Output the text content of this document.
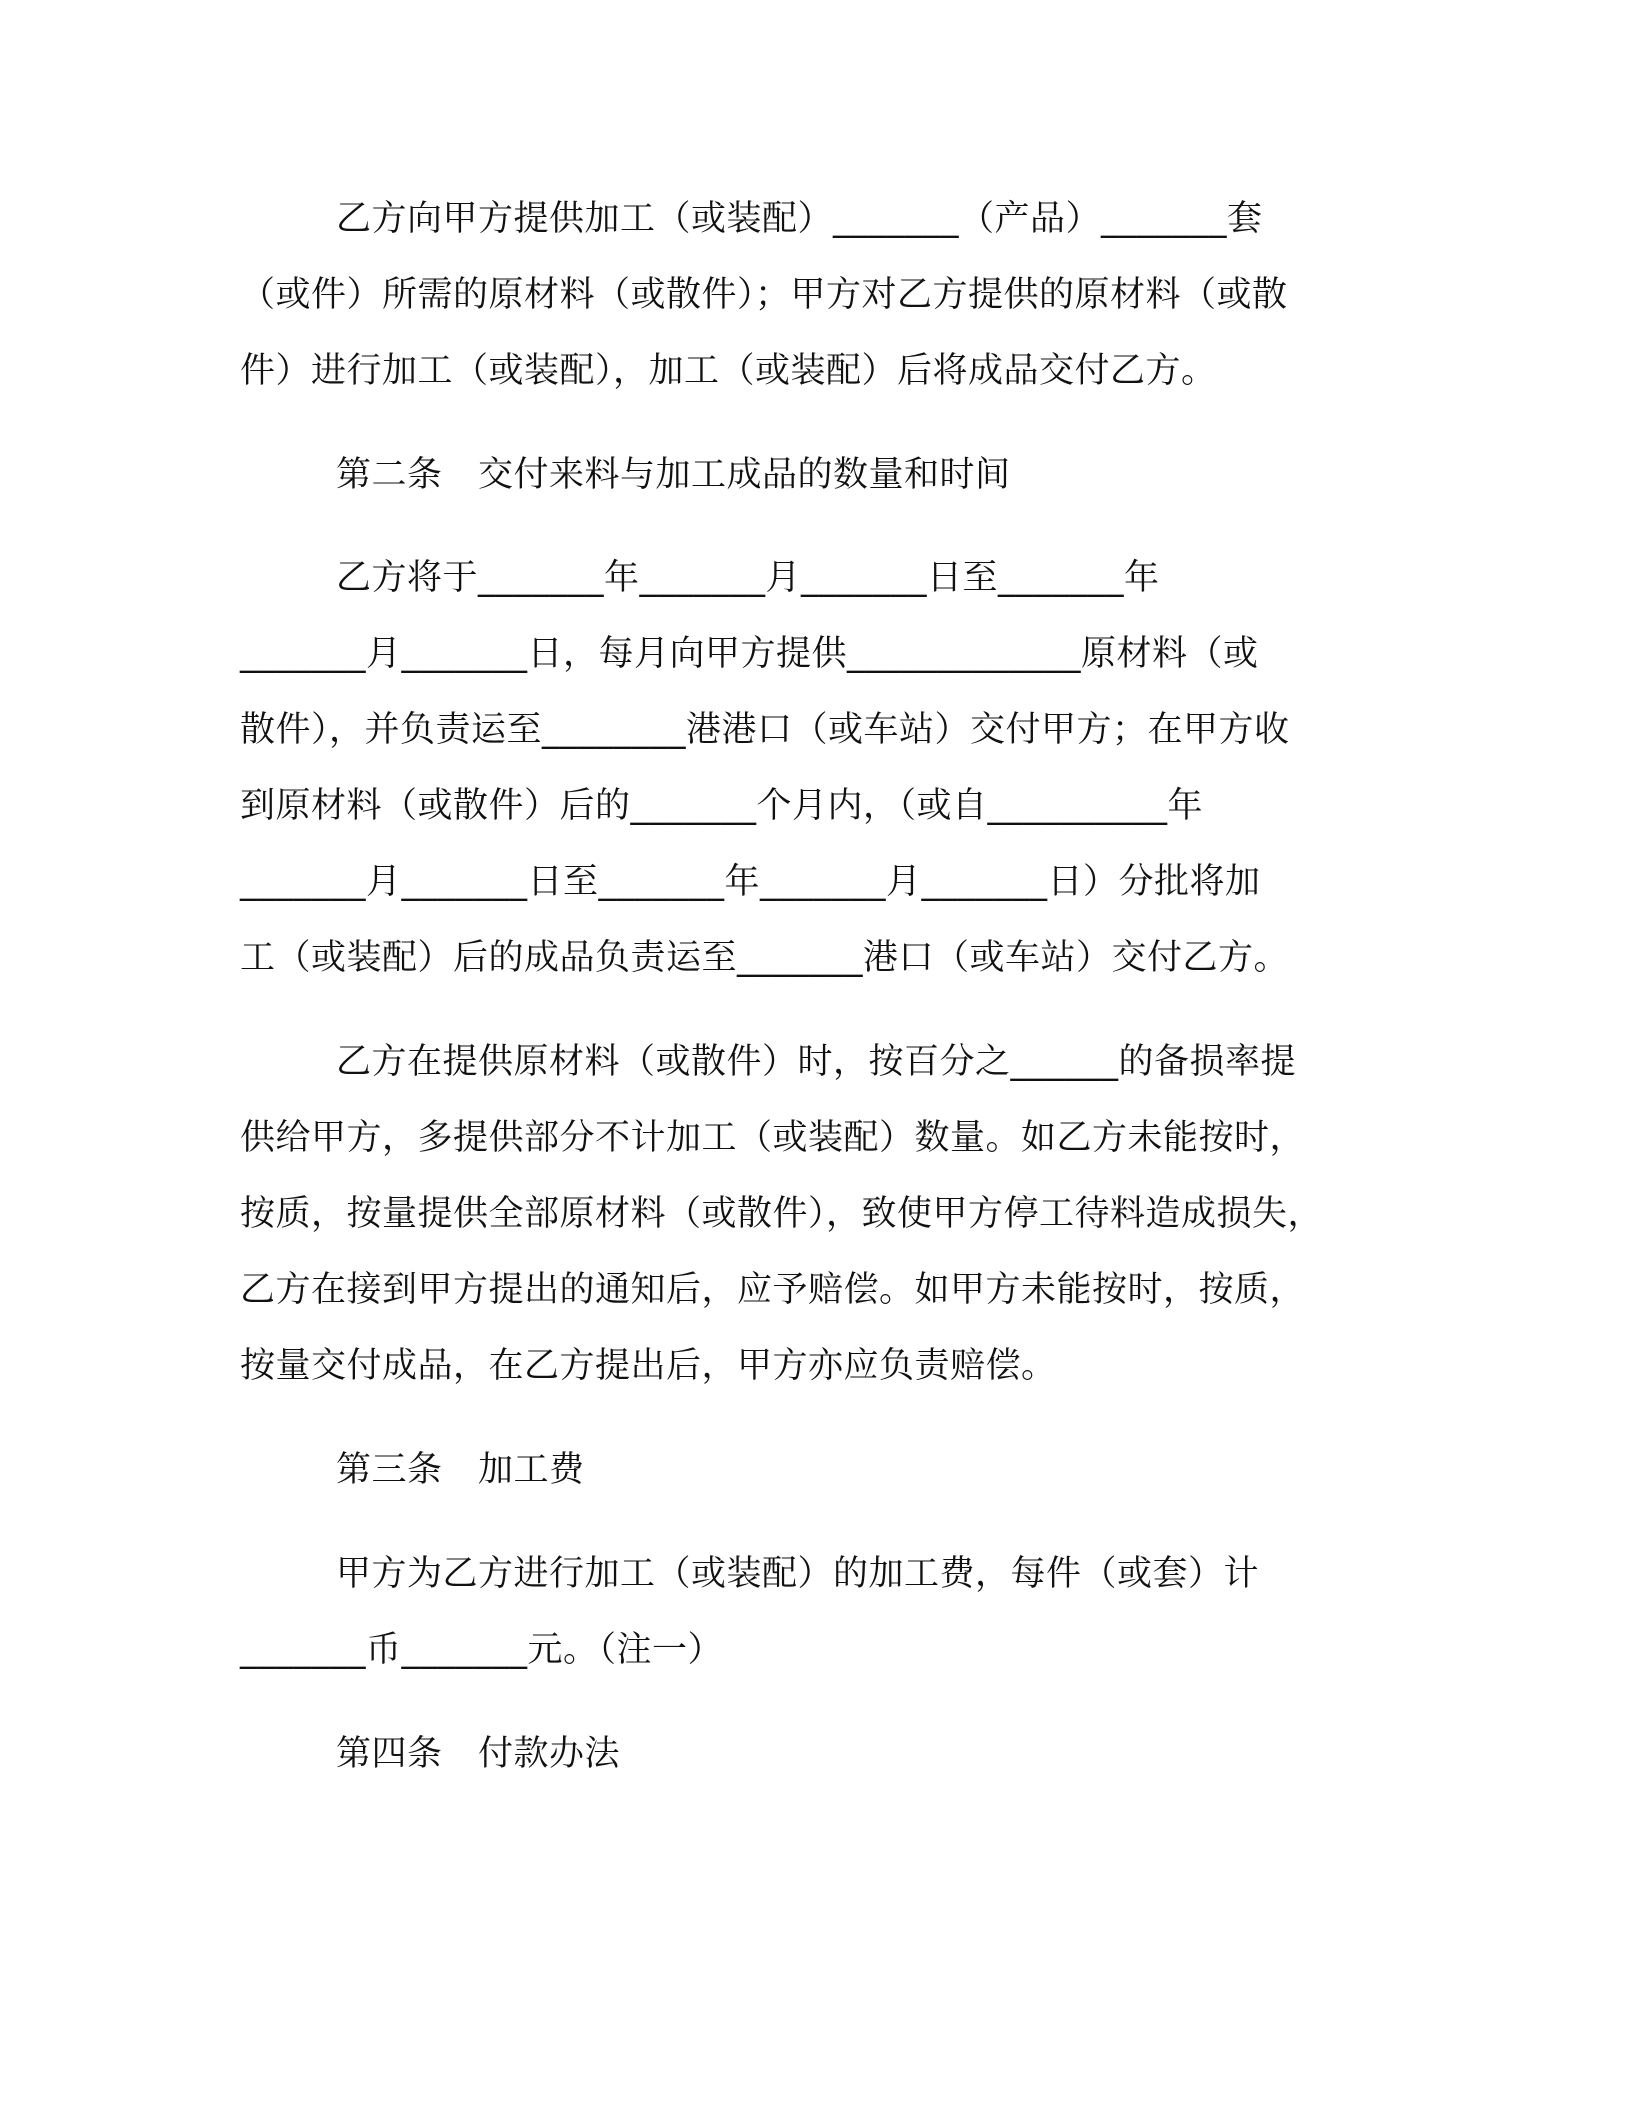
乙方向甲方提供加工（或装配）_______（产品）_______套
（或件）所需的原材料（或散件）；甲方对乙方提供的原材料（或散
件）进行加工（或装配），加工（或装配）后将成品交付乙方。
第二条　交付来料与加工成品的数量和时间
乙方将于_______年_______月_______日至_______年
_______月_______日，每月向甲方提供_____________原材料（或
散件），并负责运至________港港口（或车站）交付甲方；在甲方收
到原材料（或散件）后的_______个月内，（或自__________年
_______月_______日至_______年_______月_______日）分批将加
工（或装配）后的成品负责运至_______港口（或车站）交付乙方。
乙方在提供原材料（或散件）时，按百分之______的备损率提
供给甲方，多提供部分不计加工（或装配）数量。如乙方未能按时，
按质，按量提供全部原材料（或散件），致使甲方停工待料造成损失，
乙方在接到甲方提出的通知后，应予赔偿。如甲方未能按时，按质，
按量交付成品，在乙方提出后，甲方亦应负责赔偿。
第三条　加工费
甲方为乙方进行加工（或装配）的加工费，每件（或套）计
_______币_______元。（注一）
第四条　付款办法
